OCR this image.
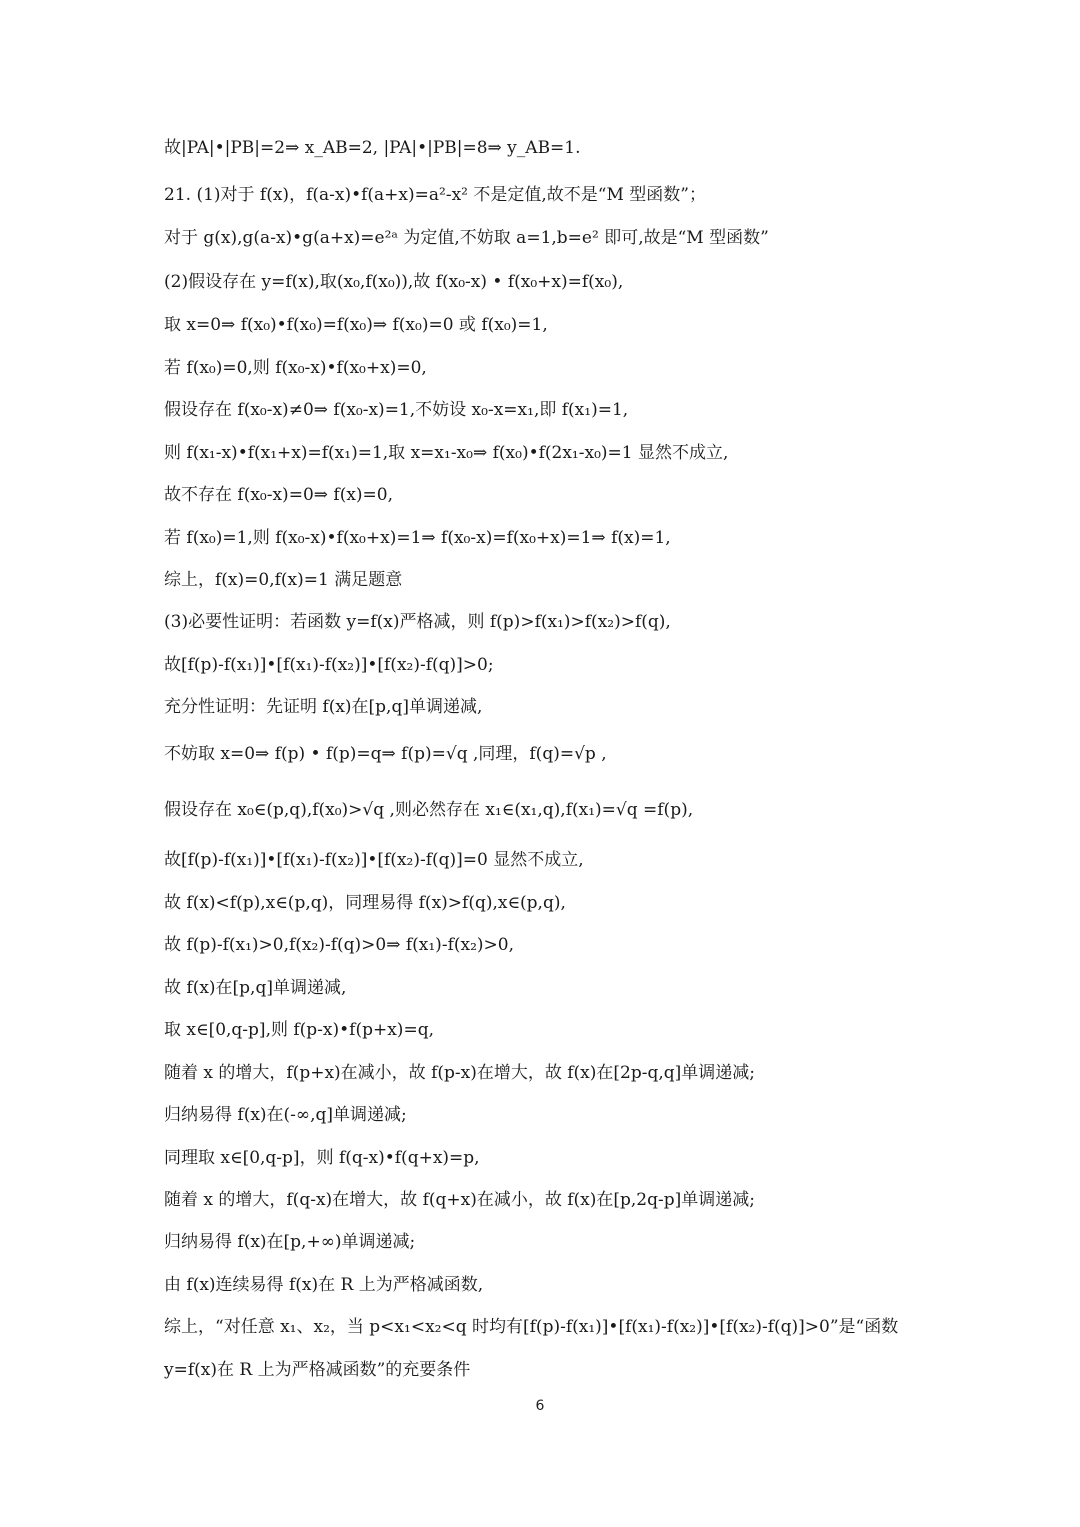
故|PA|•|PB|=2⇒ x_AB=2, |PA|•|PB|=8⇒ y_AB=1.
21. (1)对于 f(x)，f(a-x)•f(a+x)=a²-x² 不是定值,故不是“M 型函数”；
对于 g(x),g(a-x)•g(a+x)=e²ᵃ 为定值,不妨取 a=1,b=e² 即可,故是“M 型函数”
(2)假设存在 y=f(x),取(x₀,f(x₀)),故 f(x₀-x) • f(x₀+x)=f(x₀),
取 x=0⇒ f(x₀)•f(x₀)=f(x₀)⇒ f(x₀)=0 或 f(x₀)=1,
若 f(x₀)=0,则 f(x₀-x)•f(x₀+x)=0,
假设存在 f(x₀-x)≠0⇒ f(x₀-x)=1,不妨设 x₀-x=x₁,即 f(x₁)=1,
则 f(x₁-x)•f(x₁+x)=f(x₁)=1,取 x=x₁-x₀⇒ f(x₀)•f(2x₁-x₀)=1 显然不成立,
故不存在 f(x₀-x)=0⇒ f(x)=0,
若 f(x₀)=1,则 f(x₀-x)•f(x₀+x)=1⇒ f(x₀-x)=f(x₀+x)=1⇒ f(x)=1,
综上，f(x)=0,f(x)=1 满足题意
(3)必要性证明：若函数 y=f(x)严格减，则 f(p)>f(x₁)>f(x₂)>f(q),
故[f(p)-f(x₁)]•[f(x₁)-f(x₂)]•[f(x₂)-f(q)]>0;
充分性证明：先证明 f(x)在[p,q]单调递减,
不妨取 x=0⇒ f(p) • f(p)=q⇒ f(p)=√q ,同理，f(q)=√p ,
假设存在 x₀∈(p,q),f(x₀)>√q ,则必然存在 x₁∈(x₁,q),f(x₁)=√q =f(p),
故[f(p)-f(x₁)]•[f(x₁)-f(x₂)]•[f(x₂)-f(q)]=0 显然不成立,
故 f(x)<f(p),x∈(p,q)，同理易得 f(x)>f(q),x∈(p,q),
故 f(p)-f(x₁)>0,f(x₂)-f(q)>0⇒ f(x₁)-f(x₂)>0,
故 f(x)在[p,q]单调递减,
取 x∈[0,q-p],则 f(p-x)•f(p+x)=q,
随着 x 的增大，f(p+x)在减小，故 f(p-x)在增大，故 f(x)在[2p-q,q]单调递减;
归纳易得 f(x)在(-∞,q]单调递减;
同理取 x∈[0,q-p]，则 f(q-x)•f(q+x)=p,
随着 x 的增大，f(q-x)在增大，故 f(q+x)在减小，故 f(x)在[p,2q-p]单调递减;
归纳易得 f(x)在[p,+∞)单调递减;
由 f(x)连续易得 f(x)在 R 上为严格减函数,
综上，“对任意 x₁、x₂，当 p<x₁<x₂<q 时均有[f(p)-f(x₁)]•[f(x₁)-f(x₂)]•[f(x₂)-f(q)]>0”是“函数
y=f(x)在 R 上为严格减函数”的充要条件
6
